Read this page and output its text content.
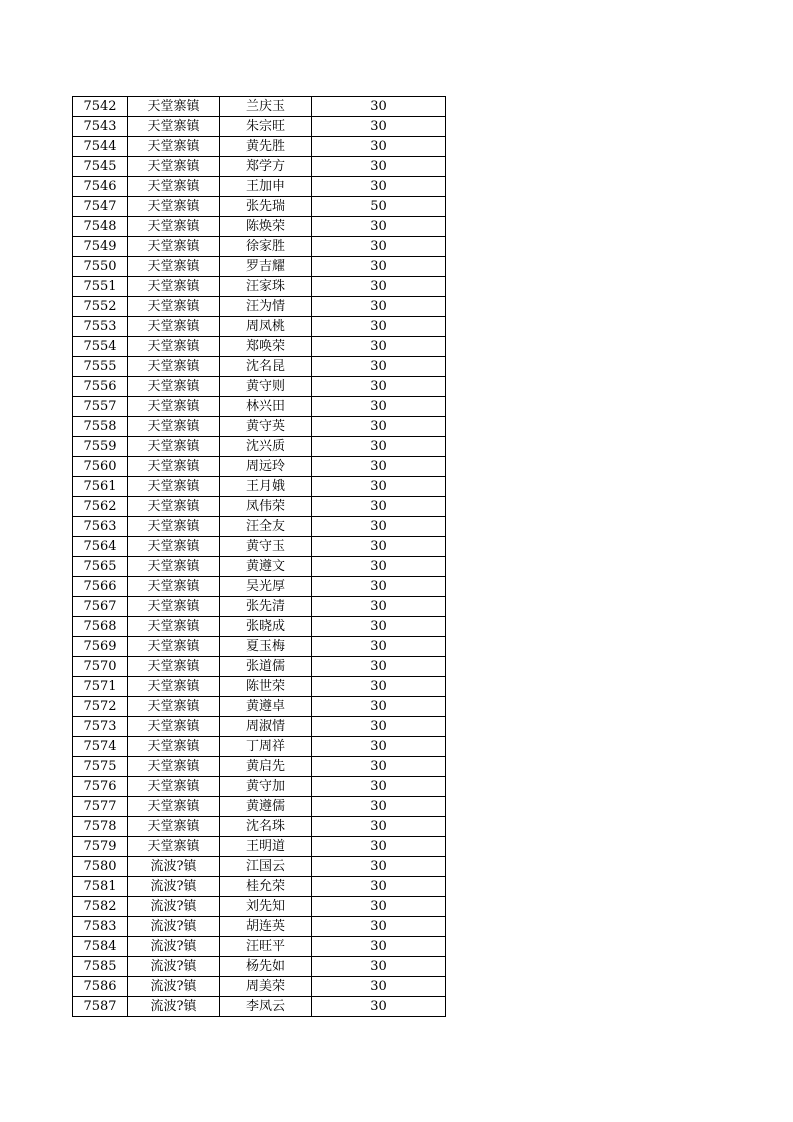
7542	天堂寨镇	兰庆玉	30
7543	天堂寨镇	朱宗旺	30
7544	天堂寨镇	黄先胜	30
7545	天堂寨镇	郑学方	30
7546	天堂寨镇	王加申	30
7547	天堂寨镇	张先瑞	50
7548	天堂寨镇	陈焕荣	30
7549	天堂寨镇	徐家胜	30
7550	天堂寨镇	罗吉耀	30
7551	天堂寨镇	汪家珠	30
7552	天堂寨镇	汪为情	30
7553	天堂寨镇	周凤桃	30
7554	天堂寨镇	郑唤荣	30
7555	天堂寨镇	沈名昆	30
7556	天堂寨镇	黄守则	30
7557	天堂寨镇	林兴田	30
7558	天堂寨镇	黄守英	30
7559	天堂寨镇	沈兴质	30
7560	天堂寨镇	周远玲	30
7561	天堂寨镇	王月娥	30
7562	天堂寨镇	凤伟荣	30
7563	天堂寨镇	汪全友	30
7564	天堂寨镇	黄守玉	30
7565	天堂寨镇	黄遵文	30
7566	天堂寨镇	吴光厚	30
7567	天堂寨镇	张先清	30
7568	天堂寨镇	张晓成	30
7569	天堂寨镇	夏玉梅	30
7570	天堂寨镇	张道儒	30
7571	天堂寨镇	陈世荣	30
7572	天堂寨镇	黄遵卓	30
7573	天堂寨镇	周淑情	30
7574	天堂寨镇	丁周祥	30
7575	天堂寨镇	黄启先	30
7576	天堂寨镇	黄守加	30
7577	天堂寨镇	黄遵儒	30
7578	天堂寨镇	沈名珠	30
7579	天堂寨镇	王明道	30
7580	流波?镇	江国云	30
7581	流波?镇	桂允荣	30
7582	流波?镇	刘先知	30
7583	流波?镇	胡连英	30
7584	流波?镇	汪旺平	30
7585	流波?镇	杨先如	30
7586	流波?镇	周美荣	30
7587	流波?镇	李凤云	30
